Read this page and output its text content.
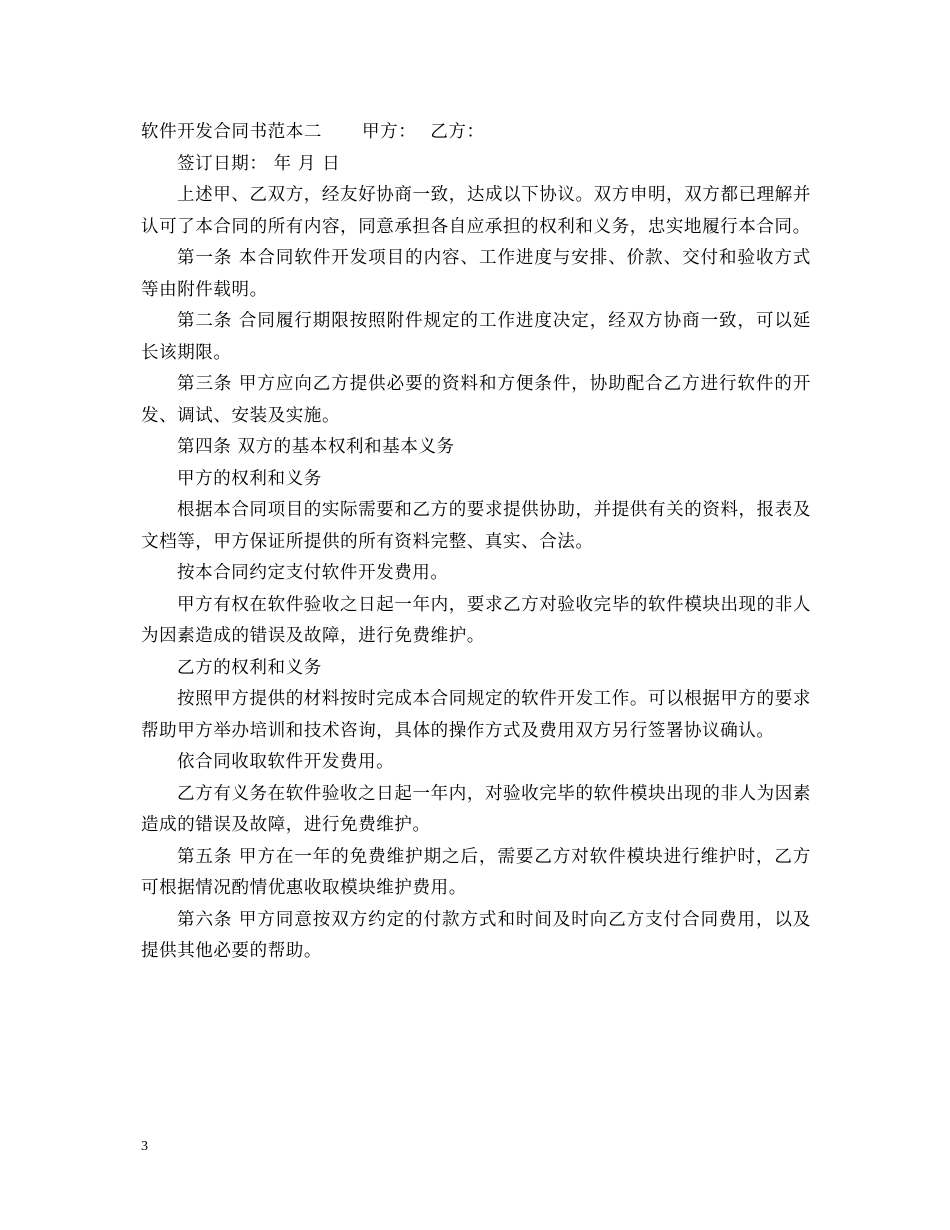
软件开发合同书范本二 甲方： 乙方：

签订日期： 年 月 日

上述甲、乙双方，经友好协商一致，达成以下协议。双方申明，双方都已理解并认可了本合同的所有内容，同意承担各自应承担的权利和义务，忠实地履行本合同。

第一条 本合同软件开发项目的内容、工作进度与安排、价款、交付和验收方式等由附件载明。

第二条 合同履行期限按照附件规定的工作进度决定，经双方协商一致，可以延长该期限。

第三条 甲方应向乙方提供必要的资料和方便条件，协助配合乙方进行软件的开发、调试、安装及实施。

第四条 双方的基本权利和基本义务

甲方的权利和义务

根据本合同项目的实际需要和乙方的要求提供协助，并提供有关的资料，报表及文档等，甲方保证所提供的所有资料完整、真实、合法。

按本合同约定支付软件开发费用。

甲方有权在软件验收之日起一年内，要求乙方对验收完毕的软件模块出现的非人为因素造成的错误及故障，进行免费维护。

乙方的权利和义务

按照甲方提供的材料按时完成本合同规定的软件开发工作。可以根据甲方的要求帮助甲方举办培训和技术咨询，具体的操作方式及费用双方另行签署协议确认。

依合同收取软件开发费用。

乙方有义务在软件验收之日起一年内，对验收完毕的软件模块出现的非人为因素造成的错误及故障，进行免费维护。

第五条 甲方在一年的免费维护期之后，需要乙方对软件模块进行维护时，乙方可根据情况酌情优惠收取模块维护费用。

第六条 甲方同意按双方约定的付款方式和时间及时向乙方支付合同费用，以及提供其他必要的帮助。

3
